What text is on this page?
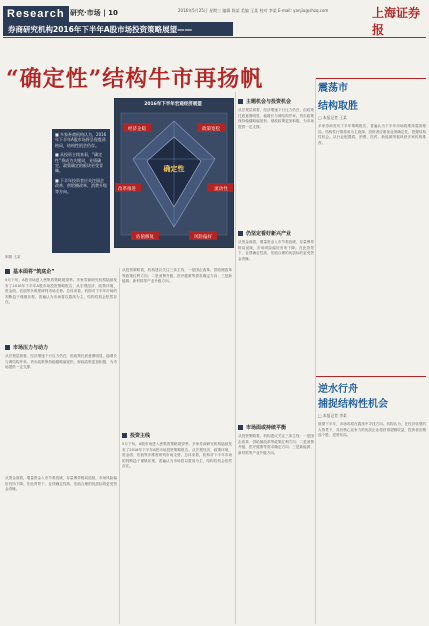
Research 研究·市场 | 10	2016年5月25日 星期三 编辑 陈某 美编 王某 校对 李某 E-mail: yanjiu@shzq.com	上海证券报
券商研究机构2016年下半年A股市场投资策略展望——
“确定性”结构牛市再扬帆

■ 多家券商机构认为，2016年下半年A股市场将呈现震荡格局，结构性机会仍存。

■ 从投资主线来看，“确定性”将成为关键词，业绩确定、政策确定的板块更受青睐。

■ 下半年投资者应关注国企改革、供给侧改革、消费升级等方向。

经济企稳	政策宽松
改革推进	流动性
估值修复	风险偏好
确定性
2016年下半年宏观经济展望
基本面将“筑底企”
5月下旬，A股市场进入密集的策略展望季。多家券商研究机构陆续发布了2016年下半年A股市场投资策略报告，从宏观经济、政策环境、资金面、估值等多维度研判市场走势。总体来看，机构对下半年市场的判断趋于谨慎乐观，普遍认为市场将以震荡为主，结构性机会依然存在。
市场压力与动力
从宏观层面看，经济增速下行压力仍在，但政策托底意图明显，稳增长与调结构并举。货币政策保持稳健略偏宽松，财政政策更加积极，为市场提供一定支撑。
从资金面看，增量资金入市节奏放缓，存量博弈格局延续，市场风险偏好有所下降。在此背景下，业绩确定性高、估值合理的优质标的更受资金青睐。
从投资策略看，机构建议关注三条主线：一是国企改革、供给侧改革等政策红利方向；二是消费升级、医疗健康等需求确定方向；三是新能源、新材料等产业升级方向。
投资主线
5月下旬，A股市场进入密集的策略展望季。多家券商研究机构陆续发布了2016年下半年A股市场投资策略报告，从宏观经济、政策环境、资金面、估值等多维度研判市场走势。总体来看，机构对下半年市场的判断趋于谨慎乐观，普遍认为市场将以震荡为主，结构性机会依然存在。
主题机会与投资机会
从宏观层面看，经济增速下行压力仍在，但政策托底意图明显，稳增长与调结构并举。货币政策保持稳健略偏宽松，财政政策更加积极，为市场提供一定支撑。
仍坚定看好新兴产业
从资金面看，增量资金入市节奏放缓，存量博弈格局延续，市场风险偏好有所下降。在此背景下，业绩确定性高、估值合理的优质标的更受资金青睐。
市场面或持续平衡
从投资策略看，机构建议关注三条主线：一是国企改革、供给侧改革等政策红利方向；二是消费升级、医疗健康等需求确定方向；三是新能源、新材料等产业升级方向。
震荡市
结构取胜
□ 本报记者 王某
多家券商发布下半年策略报告，普遍认为下半年市场将维持震荡格局，结构性行情将成为主旋律。投资者应重视业绩确定性，把握结构性机会。从行业配置看，消费、医药、新能源等板块获多家机构推荐。
逆水行舟
捕捉结构性机会
□ 本报记者 李某
展望下半年，市场或将在震荡中寻找方向。机构认为，在经济转型的大背景下，具有核心竞争力的优质企业将获得超额收益，投资者应精选个股，逆势布局。
制图 王某
